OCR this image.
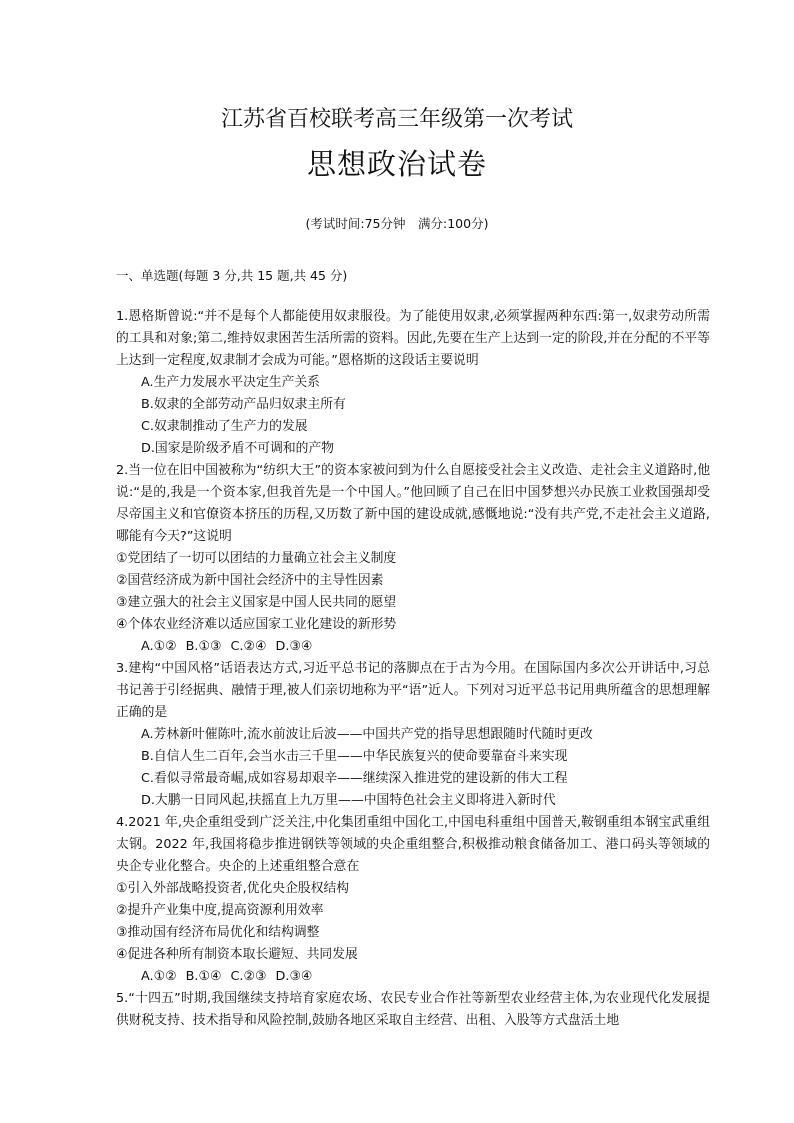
江苏省百校联考高三年级第一次考试
思想政治试卷
(考试时间:75分钟　满分:100分)
一、单选题(每题 3 分,共 15 题,共 45 分)

1.恩格斯曾说:“并不是每个人都能使用奴隶服役。为了能使用奴隶,必须掌握两种东西:第一,奴隶劳动所需的工具和对象;第二,维持奴隶困苦生活所需的资料。因此,先要在生产上达到一定的阶段,并在分配的不平等上达到一定程度,奴隶制才会成为可能。”恩格斯的这段话主要说明

A.生产力发展水平决定生产关系

B.奴隶的全部劳动产品归奴隶主所有

C.奴隶制推动了生产力的发展

D.国家是阶级矛盾不可调和的产物

2.当一位在旧中国被称为“纺织大王”的资本家被问到为什么自愿接受社会主义改造、走社会主义道路时,他说:“是的,我是一个资本家,但我首先是一个中国人。”他回顾了自己在旧中国梦想兴办民族工业救国强却受尽帝国主义和官僚资本挤压的历程,又历数了新中国的建设成就,感慨地说:“没有共产党,不走社会主义道路,哪能有今天?”这说明

①党团结了一切可以团结的力量确立社会主义制度

②国营经济成为新中国社会经济中的主导性因素

③建立强大的社会主义国家是中国人民共同的愿望

④个体农业经济难以适应国家工业化建设的新形势

A.①② B.①③ C.②④ D.③④

3.建构“中国风格”话语表达方式,习近平总书记的落脚点在于古为今用。在国际国内多次公开讲话中,习总书记善于引经据典、融情于理,被人们亲切地称为平“语”近人。下列对习近平总书记用典所蕴含的思想理解正确的是

A.芳林新叶催陈叶,流水前波让后波——中国共产党的指导思想跟随时代随时更改

B.自信人生二百年,会当水击三千里——中华民族复兴的使命要靠奋斗来实现

C.看似寻常最奇崛,成如容易却艰辛——继续深入推进党的建设新的伟大工程

D.大鹏一日同风起,扶摇直上九万里——中国特色社会主义即将进入新时代

4.2021 年,央企重组受到广泛关注,中化集团重组中国化工,中国电科重组中国普天,鞍钢重组本钢宝武重组太钢。2022 年,我国将稳步推进钢铁等领域的央企重组整合,积极推动粮食储备加工、港口码头等领域的央企专业化整合。央企的上述重组整合意在

①引入外部战略投资者,优化央企股权结构

②提升产业集中度,提高资源利用效率

③推动国有经济布局优化和结构调整

④促进各种所有制资本取长避短、共同发展

A.①② B.①④ C.②③ D.③④

5.“十四五”时期,我国继续支持培育家庭农场、农民专业合作社等新型农业经营主体,为农业现代化发展提供财税支持、技术指导和风险控制,鼓励各地区采取自主经营、出租、入股等方式盘活土地
